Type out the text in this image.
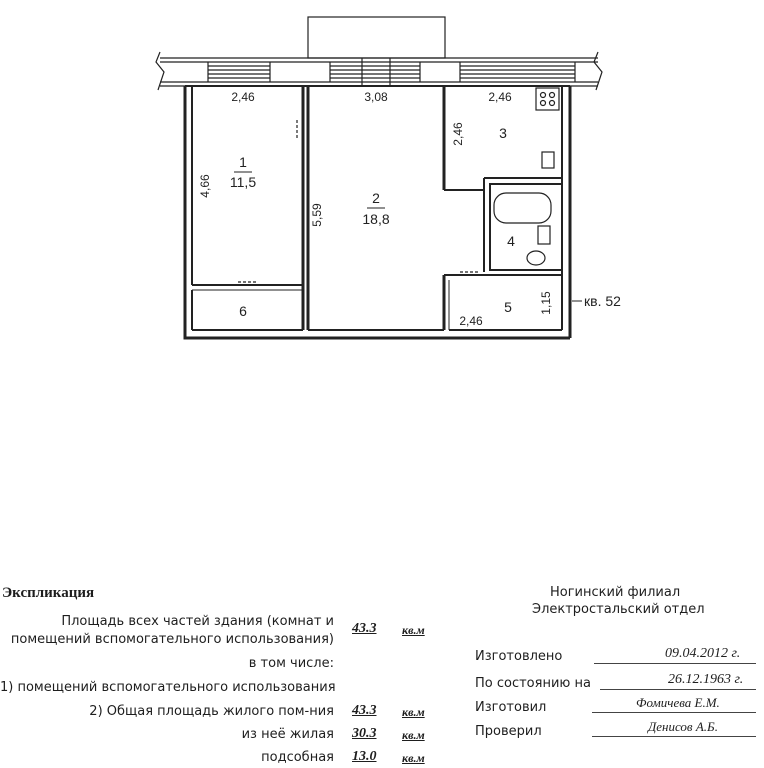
1
11,5
2
18,8
3
4
5
6
2,46	3,08	2,46
4,66
5,59
2,46
2,46
1,15 кв. 52
Экспликация
Площадь всех частей здания (комнат и
помещений вспомогательного использования)
43.3 кв.м
в том числе:
1) помещений вспомогательного использования
2) Общая площадь жилого пом-ния 43.3 кв.м
из неё жилая 30.3 кв.м
подсобная 13.0 кв.м
Ногинский филиал
Электростальский отдел
Изготовлено	09.04.2012 г.
По состоянию на	26.12.1963 г.
Изготовил	Фомичева Е.М.
Проверил	Денисов А.Б.
